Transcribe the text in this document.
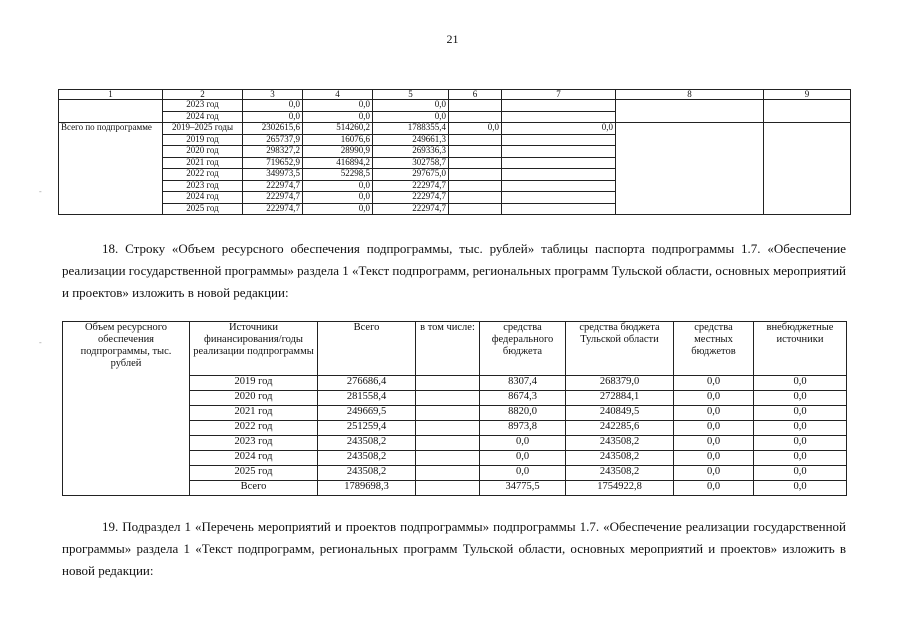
21
1	2	3	4	5	6	7	8	9
	2023 год	0,0	0,0	0,0				
	2024 год	0,0	0,0	0,0				
Всего по подпрограмме	2019–2025 годы	2302615,6	514260,2	1788355,4	0,0	0,0		
	2019 год	265737,9	16076,6	249661,3				
	2020 год	298327,2	28990,9	269336,3				
	2021 год	719652,9	416894,2	302758,7				
	2022 год	349973,5	52298,5	297675,0				
	2023 год	222974,7	0,0	222974,7				
	2024 год	222974,7	0,0	222974,7				
	2025 год	222974,7	0,0	222974,7				
18. Строку «Объем ресурсного обеспечения подпрограммы, тыс. рублей» таблицы паспорта подпрограммы 1.7. «Обеспечение реализации государственной программы» раздела 1 «Текст подпрограмм, региональных программ Тульской области, основных мероприятий и проектов» изложить в новой редакции:
Объем ресурсного обеспечения подпрограммы, тыс. рублей	Источники финансирования/годы реализации подпрограммы	Всего	в том числе:	средства федерального бюджета	средства бюджета Тульской области	средства местных бюджетов	внебюджетные источники
	2019 год	276686,4		8307,4	268379,0	0,0	0,0
	2020 год	281558,4		8674,3	272884,1	0,0	0,0
	2021 год	249669,5		8820,0	240849,5	0,0	0,0
	2022 год	251259,4		8973,8	242285,6	0,0	0,0
	2023 год	243508,2		0,0	243508,2	0,0	0,0
	2024 год	243508,2		0,0	243508,2	0,0	0,0
	2025 год	243508,2		0,0	243508,2	0,0	0,0
	Всего	1789698,3		34775,5	1754922,8	0,0	0,0
19. Подраздел 1 «Перечень мероприятий и проектов подпрограммы» подпрограммы 1.7. «Обеспечение реализации государственной программы» раздела 1 «Текст подпрограмм, региональных программ Тульской области, основных мероприятий и проектов» изложить в новой редакции:
-
-
